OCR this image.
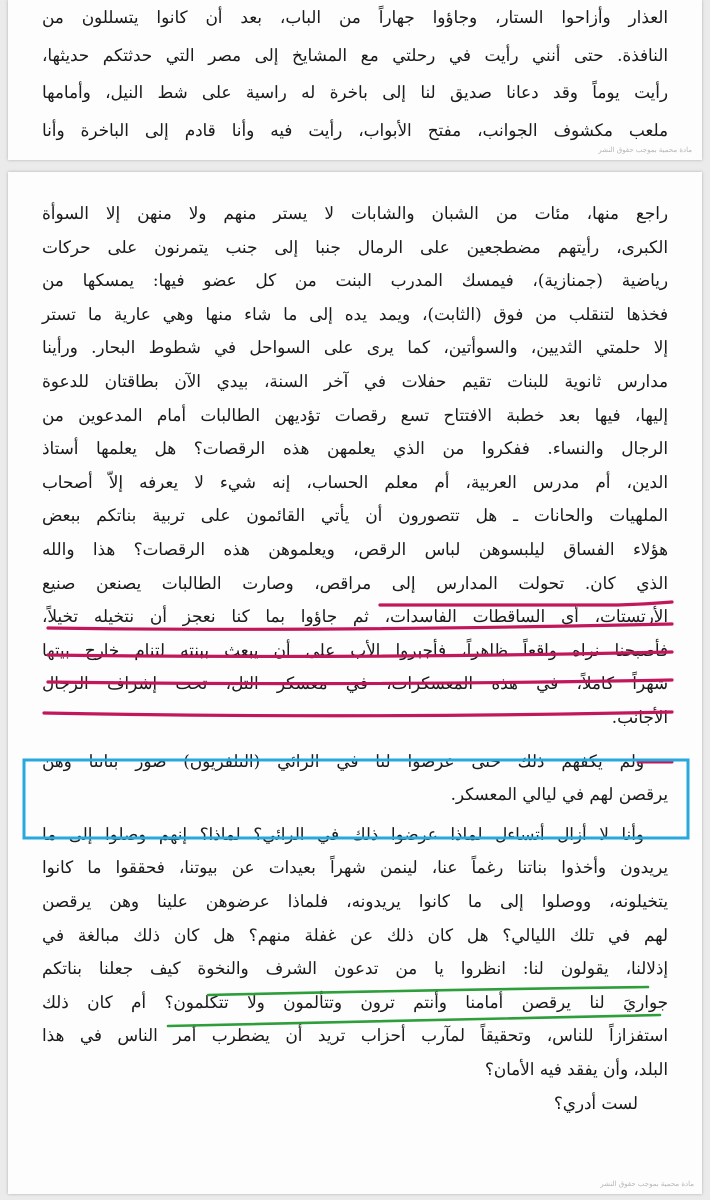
العذار وأزاحوا الستار، وجاؤوا جهاراً من الباب، بعد أن كانوا يتسللون من
النافذة. حتى أنني رأيت في رحلتي مع المشايخ إلى مصر التي حدثتكم حديثها،
رأيت يوماً وقد دعانا صديق لنا إلى باخرة له راسية على شط النيل، وأمامها
ملعب مكشوف الجوانب، مفتح الأبواب، رأيت فيه وأنا قادم إلى الباخرة وأنا
مادة محمية بموجب حقوق النشر
راجع منها، مئات من الشبان والشابات لا يستر منهم ولا منهن إلا السوأة
الكبرى، رأيتهم مضطجعين على الرمال جنبا إلى جنب يتمرنون على حركات
رياضية (جمنازية)، فيمسك المدرب البنت من كل عضو فيها: يمسكها من
فخذها لتنقلب من فوق (الثابت)، ويمد يده إلى ما شاء منها وهي عارية ما تستر
إلا حلمتي الثديين، والسوأتين، كما يرى على السواحل في شطوط البحار. ورأينا
مدارس ثانوية للبنات تقيم حفلات في آخر السنة، بيدي الآن بطاقتان للدعوة
إليها، فيها بعد خطبة الافتتاح تسع رقصات تؤديهن الطالبات أمام المدعوين من
الرجال والنساء. ففكروا من الذي يعلمهن هذه الرقصات؟ هل يعلمها أستاذ
الدين، أم مدرس العربية، أم معلم الحساب، إنه شيء لا يعرفه إلاّ أصحاب
الملهيات والحانات ـ هل تتصورون أن يأتي القائمون على تربية بناتكم ببعض
هؤلاء الفساق ليلبسوهن لباس الرقص، ويعلموهن هذه الرقصات؟ هذا والله
الذي كان. تحولت المدارس إلى مراقص، وصارت الطالبات يصنعن صنيع
الأرتستات، أي الساقطات الفاسدات، ثم جاؤوا بما كنا نعجز أن نتخيله تخيلاً،
فأصبحنا نراه واقعاً ظاهراً، فأجبروا الأب على أن يبعث ببنته لتنام خارج بيتها
شهراً كاملاً، في هذه المعسكرات، في معسكر التل، تحت إشراف الرجال
الأجانب.
ولم يكفهم ذلك حتى عرضوا لنا في الرائي (التلفزيون) صور بناتنا وهن
يرقصن لهم في ليالي المعسكر.
وأنا لا أزال أتساءل لماذا عرضوا ذلك في الرائي؟ لماذا؟ إنهم وصلوا إلى ما
يريدون وأخذوا بناتنا رغماً عنا، لينمن شهراً بعيدات عن بيوتنا، فحققوا ما كانوا
يتخيلونه، ووصلوا إلى ما كانوا يريدونه، فلماذا عرضوهن علينا وهن يرقصن
لهم في تلك الليالي؟ هل كان ذلك عن غفلة منهم؟ هل كان ذلك مبالغة في
إذلالنا، يقولون لنا: انظروا يا من تدعون الشرف والنخوة كيف جعلنا بناتكم
جواريَ لنا يرقصن أمامنا وأنتم ترون وتتألمون ولا تتكلمون؟ أم كان ذلك
استفزازاً للناس، وتحقيقاً لمآرب أحزاب تريد أن يضطرب أمر الناس في هذا
البلد، وأن يفقد فيه الأمان؟
لست أدري؟
مادة محمية بموجب حقوق النشر
